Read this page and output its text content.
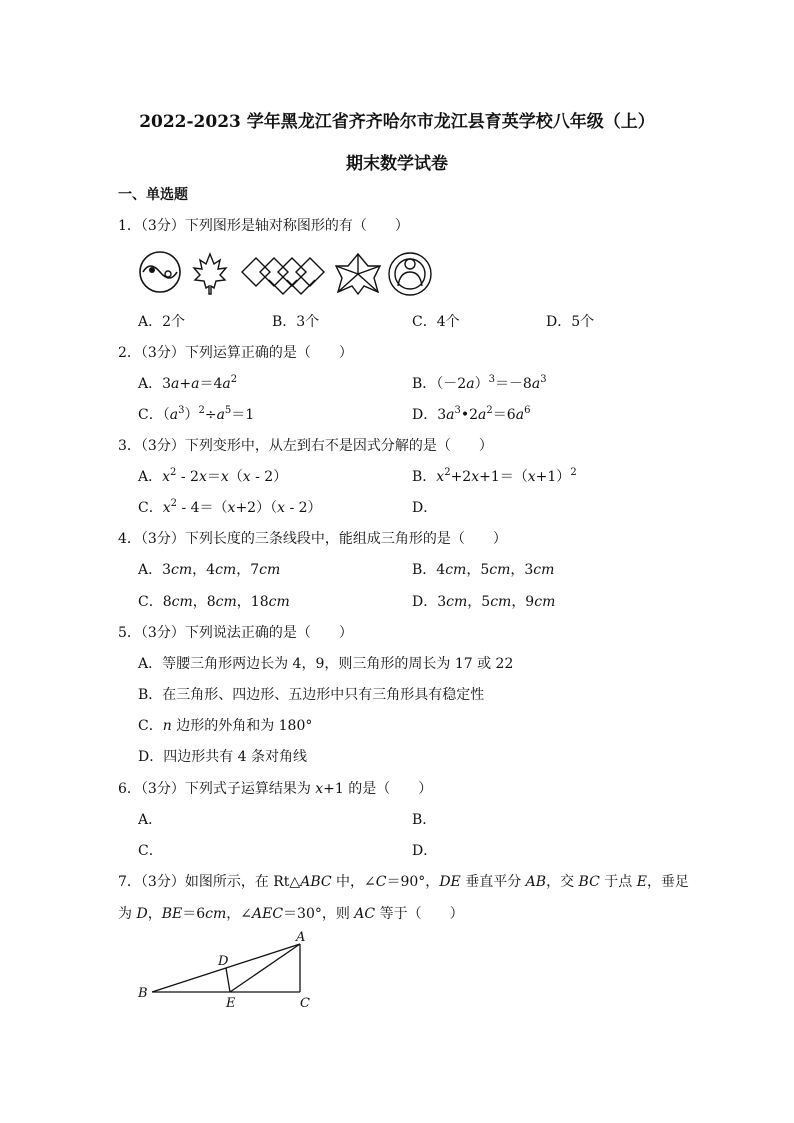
2022-2023 学年黑龙江省齐齐哈尔市龙江县育英学校八年级（上）
期末数学试卷
一、单选题
1．（3分）下列图形是轴对称图形的有（　　）
A．2个	B．3个	C．4个	D．5个
2．（3分）下列运算正确的是（　　）
A．$3a+a=4a^2$	B．$(-2a)^3=-8a^3$
C．$(a^3)^2\div a^5=1$	D．$3a^3•2a^2=6a^6$
3．（3分）下列变形中，从左到右不是因式分解的是（　　）
A．$x^2 - 2x=x(x - 2)$	B．$x^2+2x+1=(x+1)^2$
C．$x^2 - 4=(x+2)(x - 2)$	D．
4．（3分）下列长度的三条线段中，能组成三角形的是（　　）
A．3cm，4cm，7cm	B．4cm，5cm，3cm
C．8cm，8cm，18cm	D．3cm，5cm，9cm
5．（3分）下列说法正确的是（　　）
A．等腰三角形两边长为 4，9，则三角形的周长为 17 或 22
B．在三角形、四边形、五边形中只有三角形具有稳定性
C．n 边形的外角和为 180°
D．四边形共有 4 条对角线
6．（3分）下列式子运算结果为 x+1 的是（　　）
A．	B．
C．	D．
7．（3分）如图所示，在 Rt△ABC 中，∠C＝90°，DE 垂直平分 AB，交 BC 于点 E，垂足
为 D，BE＝6cm，∠AEC＝30°，则 AC 等于（　　）
A
B
C
D
E
